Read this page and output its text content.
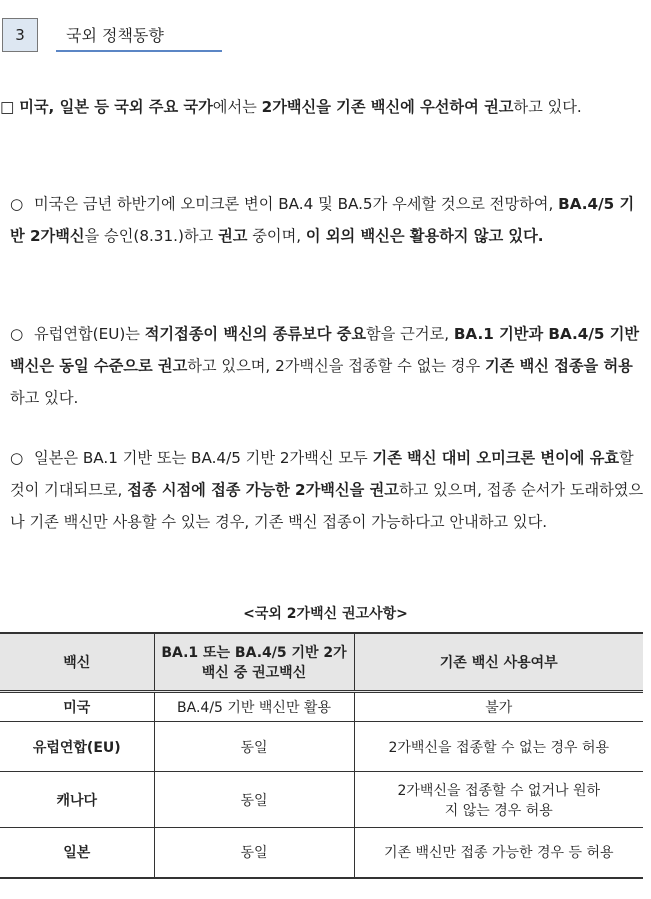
3	국외 정책동향

□ 미국, 일본 등 국외 주요 국가에서는 2가백신을 기존 백신에 우선하여 권고하고 있다.

○ 미국은 금년 하반기에 오미크론 변이 BA.4 및 BA.5가 우세할 것으로 전망하여, BA.4/5 기반 2가백신을 승인(8.31.)하고 권고 중이며, 이 외의 백신은 활용하지 않고 있다.

○ 유럽연합(EU)는 적기접종이 백신의 종류보다 중요함을 근거로, BA.1 기반과 BA.4/5 기반 백신은 동일 수준으로 권고하고 있으며, 2가백신을 접종할 수 없는 경우 기존 백신 접종을 허용하고 있다.

○ 일본은 BA.1 기반 또는 BA.4/5 기반 2가백신 모두 기존 백신 대비 오미크론 변이에 유효할 것이 기대되므로, 접종 시점에 접종 가능한 2가백신을 권고하고 있으며, 접종 순서가 도래하였으나 기존 백신만 사용할 수 있는 경우, 기존 백신 접종이 가능하다고 안내하고 있다.

<국외 2가백신 권고사항>
백신	BA.1 또는 BA.4/5 기반 2가백신 중 권고백신	기존 백신 사용여부
미국	BA.4/5 기반 백신만 활용	불가
유럽연합(EU)	동일	2가백신을 접종할 수 없는 경우 허용
캐나다	동일	2가백신을 접종할 수 없거나 원하지 않는 경우 허용
일본	동일	기존 백신만 접종 가능한 경우 등 허용
